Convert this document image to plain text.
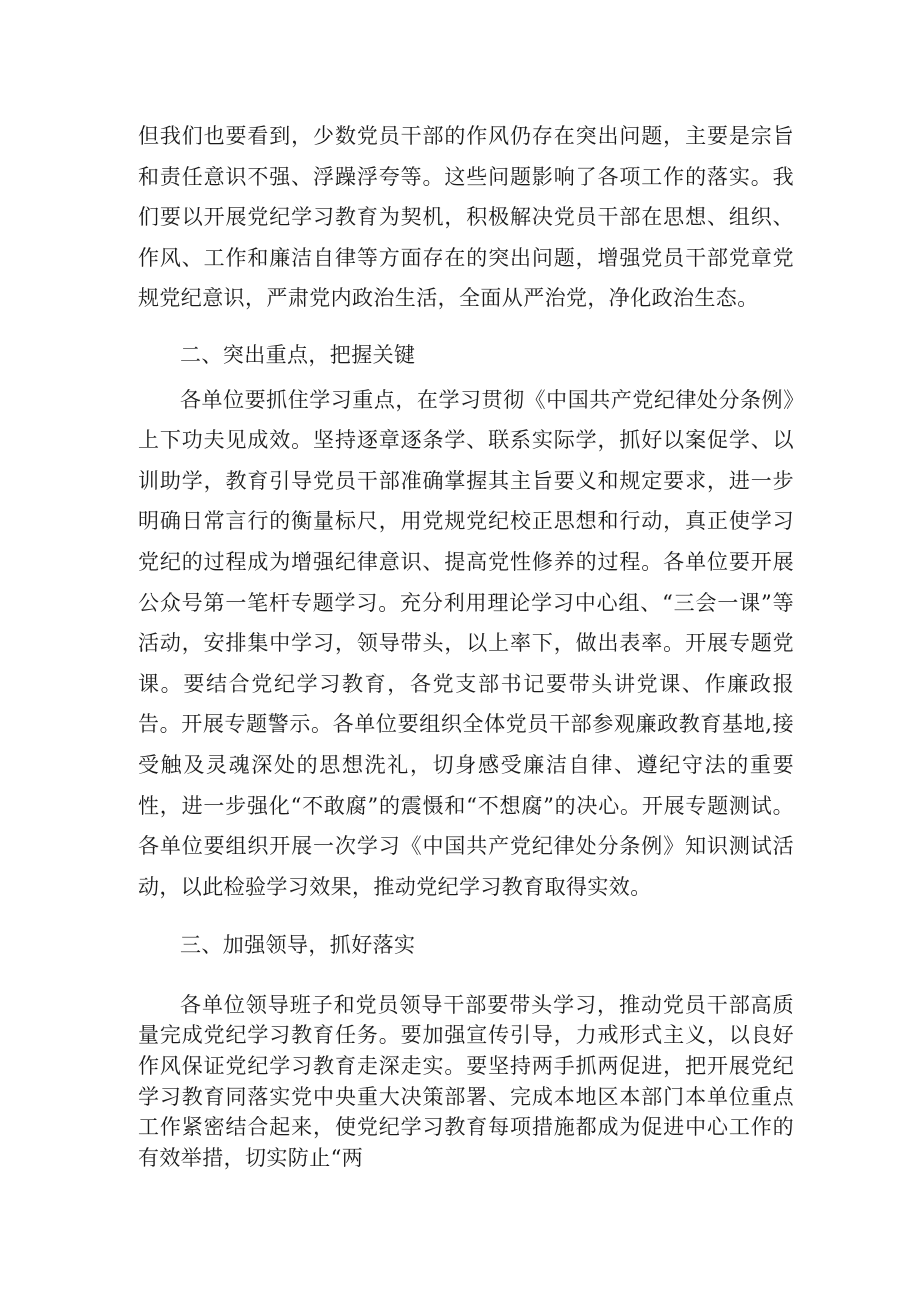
但我们也要看到，少数党员干部的作风仍存在突出问题，主要是宗旨和责任意识不强、浮躁浮夸等。这些问题影响了各项工作的落实。我们要以开展党纪学习教育为契机，积极解决党员干部在思想、组织、作风、工作和廉洁自律等方面存在的突出问题，增强党员干部党章党规党纪意识，严肃党内政治生活，全面从严治党，净化政治生态。

二、突出重点，把握关键

各单位要抓住学习重点，在学习贯彻《中国共产党纪律处分条例》上下功夫见成效。坚持逐章逐条学、联系实际学，抓好以案促学、以训助学，教育引导党员干部准确掌握其主旨要义和规定要求，进一步明确日常言行的衡量标尺，用党规党纪校正思想和行动，真正使学习党纪的过程成为增强纪律意识、提高党性修养的过程。各单位要开展公众号第一笔杆专题学习。充分利用理论学习中心组、“三会一课”等活动，安排集中学习，领导带头，以上率下，做出表率。开展专题党课。要结合党纪学习教育，各党支部书记要带头讲党课、作廉政报告。开展专题警示。各单位要组织全体党员干部参观廉政教育基地,接受触及灵魂深处的思想洗礼，切身感受廉洁自律、遵纪守法的重要性，进一步强化“不敢腐”的震慑和“不想腐”的决心。开展专题测试。各单位要组织开展一次学习《中国共产党纪律处分条例》知识测试活动，以此检验学习效果，推动党纪学习教育取得实效。

三、加强领导，抓好落实

各单位领导班子和党员领导干部要带头学习，推动党员干部高质量完成党纪学习教育任务。要加强宣传引导，力戒形式主义，以良好作风保证党纪学习教育走深走实。要坚持两手抓两促进，把开展党纪学习教育同落实党中央重大决策部署、完成本地区本部门本单位重点工作紧密结合起来，使党纪学习教育每项措施都成为促进中心工作的有效举措，切实防止“两
